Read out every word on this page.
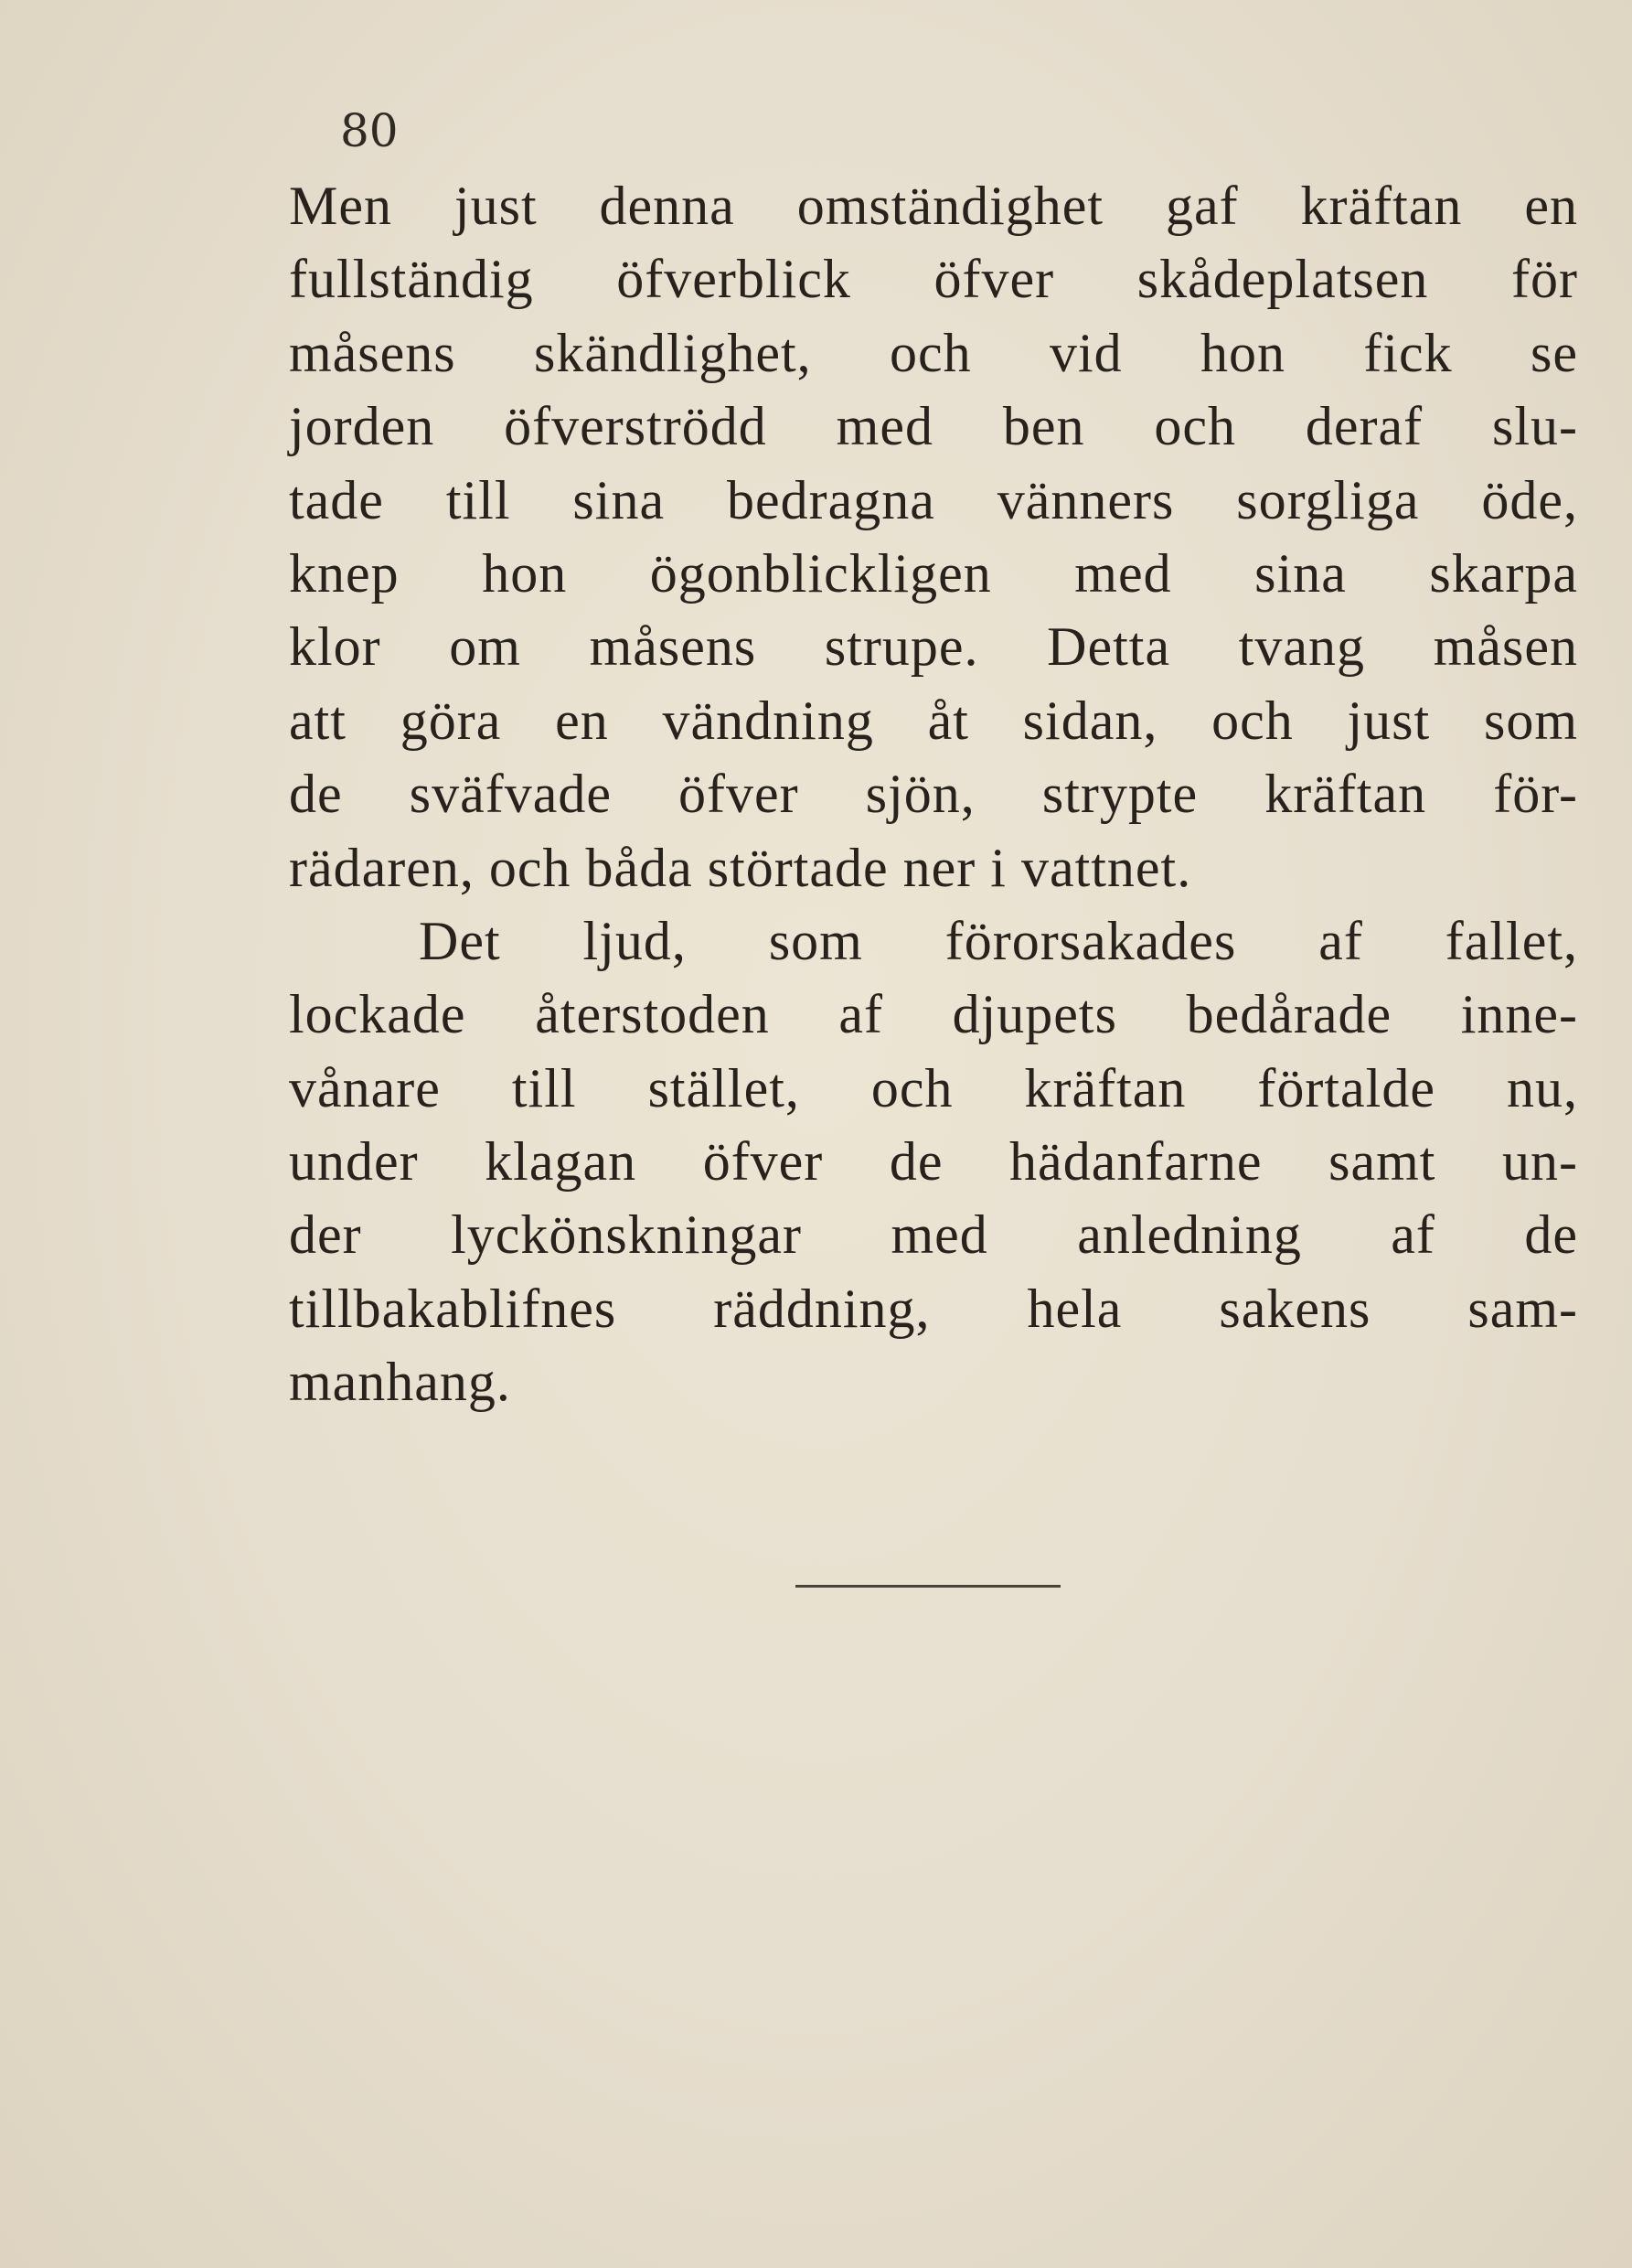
80
Men just denna omständighet gaf kräftan en
fullständig öfverblick öfver skådeplatsen för
måsens skändlighet, och vid hon fick se
jorden öfverströdd med ben och deraf slu-
tade till sina bedragna vänners sorgliga öde,
knep hon ögonblickligen med sina skarpa
klor om måsens strupe. Detta tvang måsen
att göra en vändning åt sidan, och just som
de sväfvade öfver sjön, strypte kräftan för-
rädaren, och båda störtade ner i vattnet.
Det ljud, som förorsakades af fallet,
lockade återstoden af djupets bedårade inne-
vånare till stället, och kräftan förtalde nu,
under klagan öfver de hädanfarne samt un-
der lyckönskningar med anledning af de
tillbakablifnes räddning, hela sakens sam-
manhang.
